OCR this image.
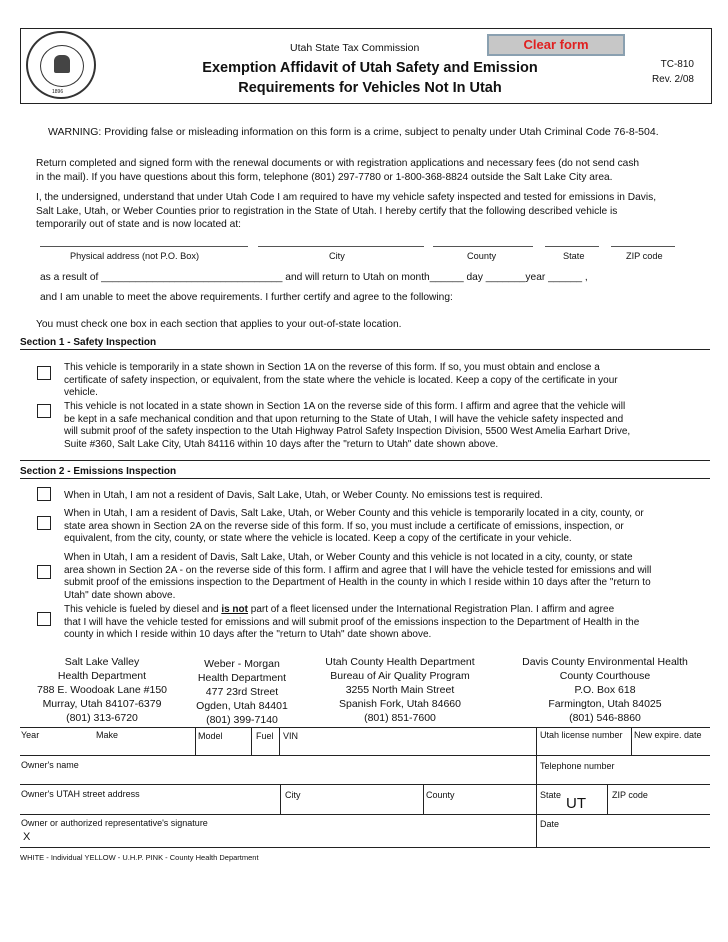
1896
Utah State Tax Commission
Exemption Affidavit of Utah Safety and Emission
Requirements for Vehicles Not In Utah
Clear form
TC-810
Rev. 2/08
WARNING: Providing false or misleading information on this form is a crime, subject to penalty under Utah Criminal Code 76-8-504.
Return completed and signed form with the renewal documents or with registration applications and necessary fees (do not send cash
in the mail). If you have questions about this form, telephone (801) 297-7780 or 1-800-368-8824 outside the Salt Lake City area.
I, the undersigned, understand that under Utah Code I am required to have my vehicle safety inspected and tested for emissions in Davis,
Salt Lake, Utah, or Weber Counties prior to registration in the State of Utah. I hereby certify that the following described vehicle is
temporarily out of state and is now located at:
Physical address (not P.O. Box)	City	County	State	ZIP code
as a result of ________________________________ and will return to Utah on month______ day _______year ______ ,
and I am unable to meet the above requirements. I further certify and agree to the following:
You must check one box in each section that applies to your out-of-state location.
Section 1 - Safety Inspection
This vehicle is temporarily in a state shown in Section 1A on the reverse of this form. If so, you must obtain and enclose a
certificate of safety inspection, or equivalent, from the state where the vehicle is located. Keep a copy of the certificate in your
vehicle.
This vehicle is not located in a state shown in Section 1A on the reverse side of this form. I affirm and agree that the vehicle will
be kept in a safe mechanical condition and that upon returning to the State of Utah, I will have the vehicle safety inspected and
will submit proof of the safety inspection to the Utah Highway Patrol Safety Inspection Division, 5500 West Amelia Earhart Drive,
Suite #360, Salt Lake City, Utah 84116 within 10 days after the "return to Utah" date shown above.
Section 2 - Emissions Inspection
When in Utah, I am not a resident of Davis, Salt Lake, Utah, or Weber County. No emissions test is required.
When in Utah, I am a resident of Davis, Salt Lake, Utah, or Weber County and this vehicle is temporarily located in a city, county, or
state area shown in Section 2A on the reverse side of this form. If so, you must include a certificate of emissions, inspection, or
equivalent, from the city, county, or state where the vehicle is located. Keep a copy of the certificate in your vehicle.
When in Utah, I am a resident of Davis, Salt Lake, Utah, or Weber County and this vehicle is not located in a city, county, or state
area shown in Section 2A - on the reverse side of this form. I affirm and agree that I will have the vehicle tested for emissions and will
submit proof of the emissions inspection to the Department of Health in the county in which I reside within 10 days after the "return to
Utah" date shown above.
This vehicle is fueled by diesel and is not part of a fleet licensed under the International Registration Plan. I affirm and agree
that I will have the vehicle tested for emissions and will submit proof of the emissions inspection to the Department of Health in the
county in which I reside within 10 days after the "return to Utah" date shown above.
Salt Lake Valley
Health Department
788 E. Woodoak Lane #150
Murray, Utah 84107-6379
(801) 313-6720
Weber - Morgan
Health Department
477 23rd Street
Ogden, Utah 84401
(801) 399-7140
Utah County Health Department
Bureau of Air Quality Program
3255 North Main Street
Spanish Fork, Utah 84660
(801) 851-7600
Davis County Environmental Health
County Courthouse
P.O. Box 618
Farmington, Utah 84025
(801) 546-8860
Year	Make	Model	Fuel VIN	Utah license number New expire. date
Owner's name	Telephone number
Owner's UTAH street address	City	County	State UT	ZIP code
Owner or authorized representative's signature
X
Date
WHITE - Individual YELLOW - U.H.P. PINK - County Health Department
